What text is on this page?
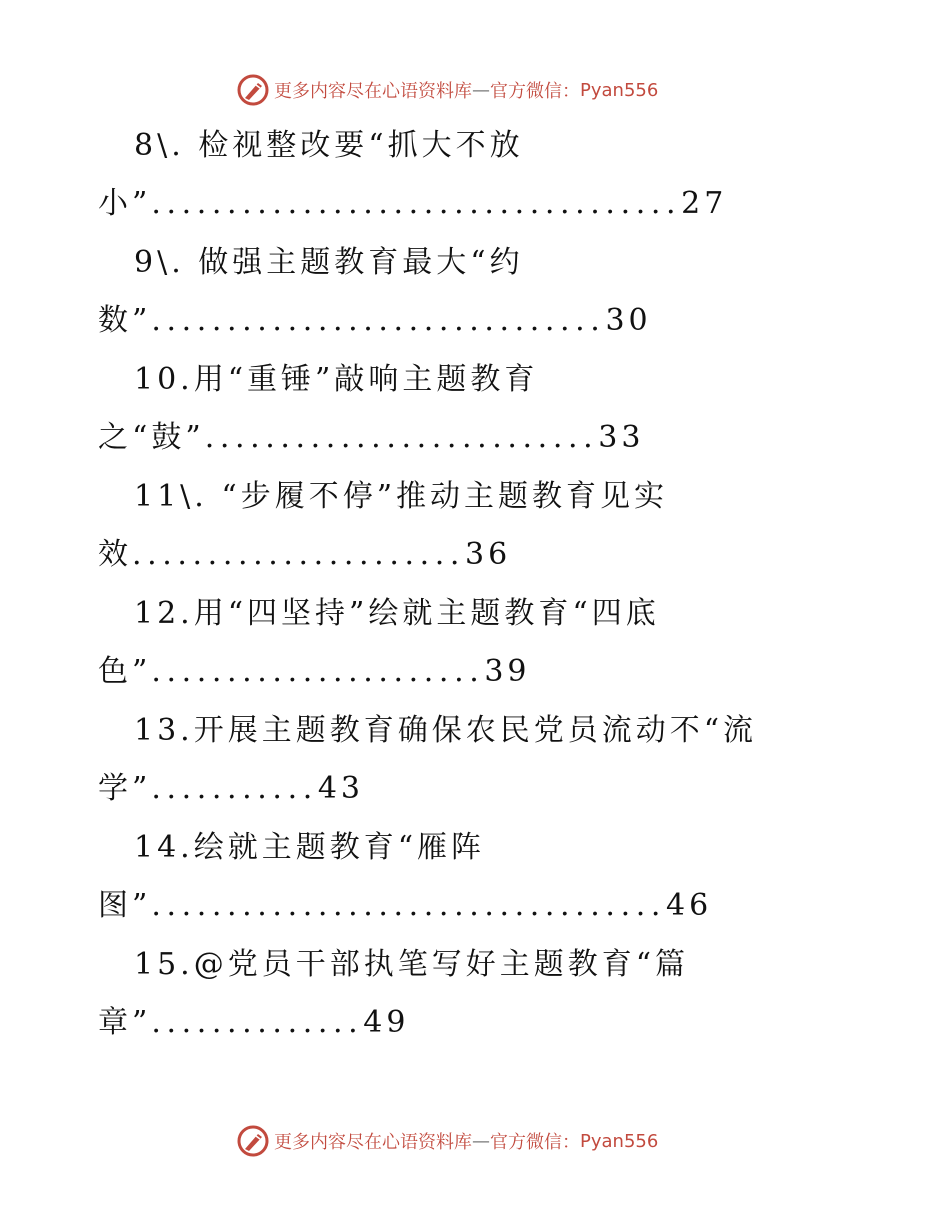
更多内容尽在心语资料库 — 官方微信： Pyan556
8\. 检视整改要“抓大不放
小”...................................27
9\. 做强主题教育最大“约
数”..............................30
10.用“重锤”敲响主题教育
之“鼓”..........................33
11\. “步履不停”推动主题教育见实
效......................36
12.用“四坚持”绘就主题教育“四底
色”......................39
13.开展主题教育确保农民党员流动不“流
学”...........43
14.绘就主题教育“雁阵
图”..................................46
15.@党员干部执笔写好主题教育“篇
章”..............49
更多内容尽在心语资料库 — 官方微信： Pyan556
